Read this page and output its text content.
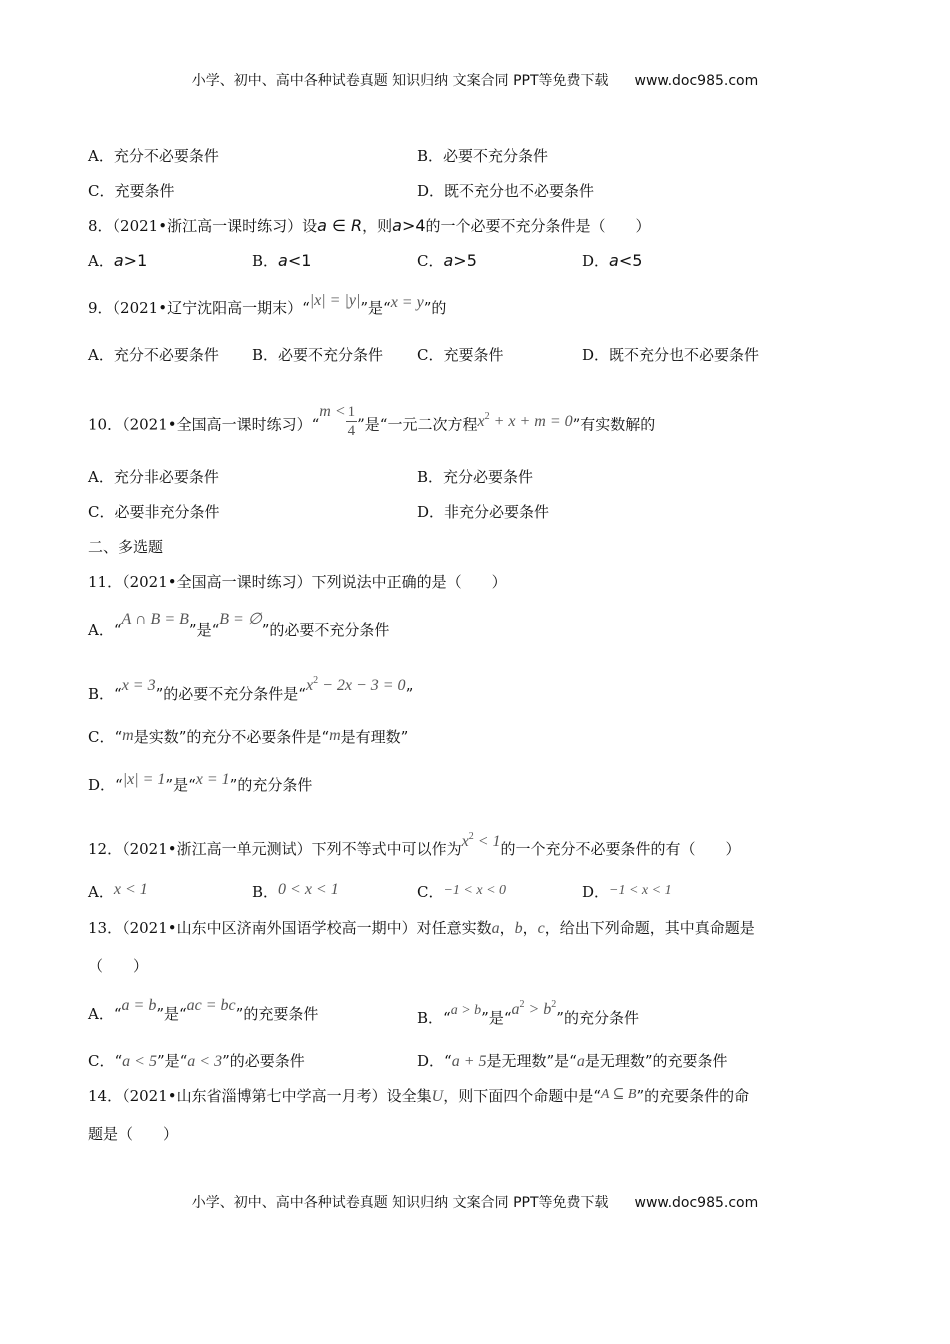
小学、初中、高中各种试卷真题 知识归纳 文案合同 PPT等免费下载 www.doc985.com
A．充分不必要条件	B．必要不充分条件
C．充要条件	D．既不充分也不必要条件
8．（2021•浙江高一课时练习）设a ∈ R，则a>4的一个必要不充分条件是（　　）
A．a>1	B．a<1	C．a>5	D．a<5
9．（2021•辽宁沈阳高一期末）“|x| = |y|”是“x = y”的
A．充分不必要条件 B．必要不充分条件 C．充要条件	D．既不充分也不必要条件
10．（2021•全国高一课时练习）“m < $\frac{1}{4}$ ”是“一元二次方程$x^2 + x + m = 0$”有实数解的
A．充分非必要条件	B．充分必要条件
C．必要非充分条件	D．非充分必要条件
二、多选题
11．（2021•全国高一课时练习）下列说法中正确的是（　　）
A．“A ∩ B = B”是“B = ∅”的必要不充分条件
B．“x = 3”的必要不充分条件是“$x^2 - 2x - 3 = 0$”
C．“m是实数”的充分不必要条件是“m是有理数”
D．“|x| = 1”是“x = 1”的充分条件
12．（2021•浙江高一单元测试）下列不等式中可以作为$x^2 < 1$的一个充分不必要条件的有（　　）
A．x < 1	B．0 < x < 1	C．−1 < x < 0	D．−1 < x < 1
13．（2021•山东中区济南外国语学校高一期中）对任意实数a，b，c，给出下列命题，其中真命题是
（　　）
A．“a = b”是“ac = bc”的充要条件	B．“a > b”是“$a^2 > b^2$”的充分条件
C．“a < 5”是“a < 3”的必要条件	D．“a + 5是无理数”是“a是无理数”的充要条件
14．（2021•山东省淄博第七中学高一月考）设全集U，则下面四个命题中是“A ⊆ B”的充要条件的命
题是（　　）
小学、初中、高中各种试卷真题 知识归纳 文案合同 PPT等免费下载 www.doc985.com
